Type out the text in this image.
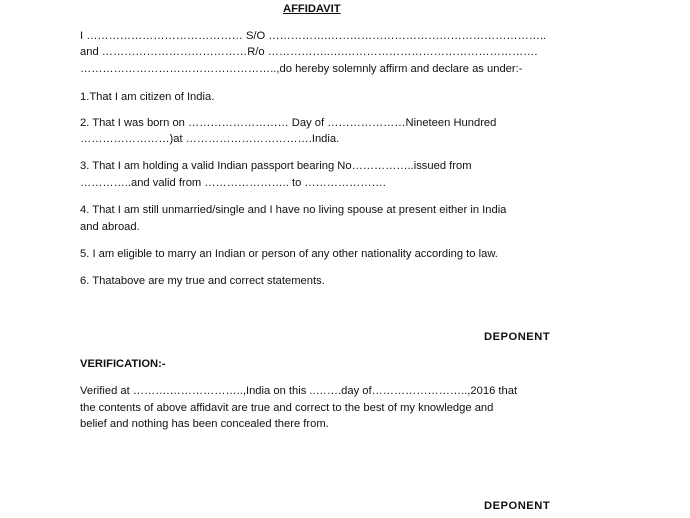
AFFIDAVIT
I …………………………………… S/O …………….…………………………………………………..
and …………………………………R/o ……………..….…………………………………………….
……………………………………………..,do hereby solemnly affirm and declare as under:-
1.That I am citizen of India.
2. That I was born on ……………………… Day of …………………Nineteen Hundred
……………………)at …………………………….India.
3. That I am holding a valid Indian passport bearing No……………..issued from
…………..and valid from ………………….. to ………………….
4. That I am still unmarried/single and I have no living spouse at present either in India
and abroad.
5. I am eligible to marry an Indian or person of any other nationality according to law.
6. Thatabove are my true and correct statements.
DEPONENT
VERIFICATION:-
Verified at ……….………………..,India on this ..…….day of……………………..,2016 that
the contents of above affidavit are true and correct to the best of my knowledge and
belief and nothing has been concealed there from.
DEPONENT
